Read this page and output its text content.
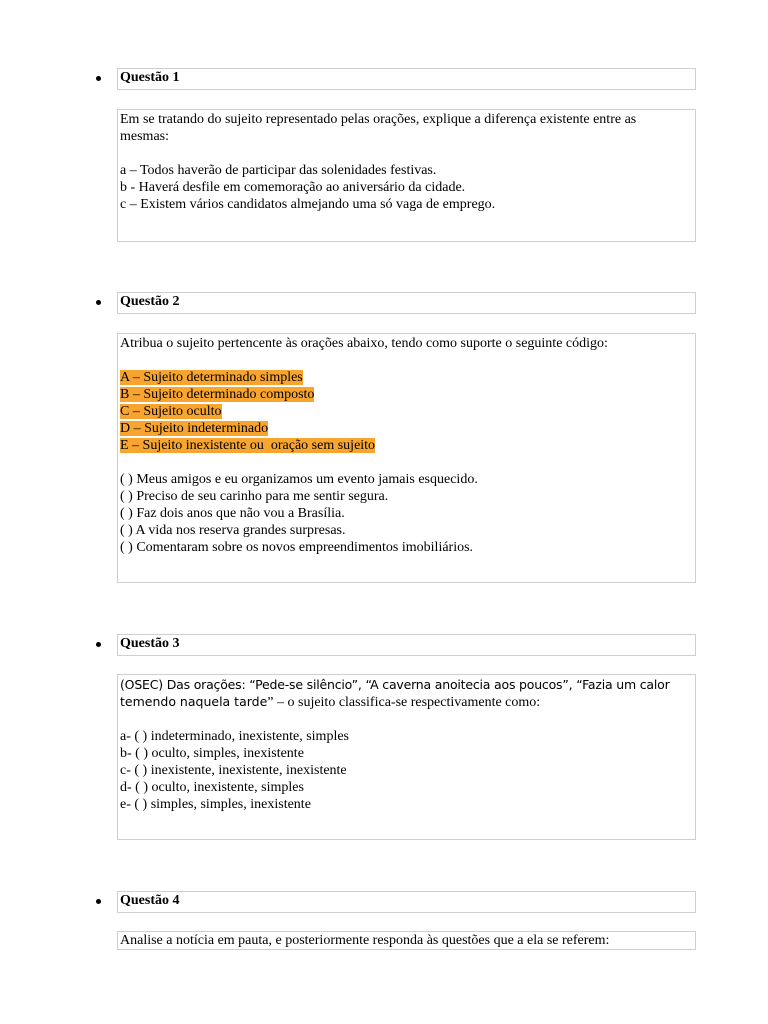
Questão 1
Em se tratando do sujeito representado pelas orações, explique a diferença existente entre as
mesmas:
a – Todos haverão de participar das solenidades festivas.
b - Haverá desfile em comemoração ao aniversário da cidade.
c – Existem vários candidatos almejando uma só vaga de emprego.
Questão 2
Atribua o sujeito pertencente às orações abaixo, tendo como suporte o seguinte código:
A – Sujeito determinado simples
B – Sujeito determinado composto
C – Sujeito oculto
D – Sujeito indeterminado
E – Sujeito inexistente ou  oração sem sujeito
( ) Meus amigos e eu organizamos um evento jamais esquecido.
( ) Preciso de seu carinho para me sentir segura.
( ) Faz dois anos que não vou a Brasília.
( ) A vida nos reserva grandes surpresas.
( ) Comentaram sobre os novos empreendimentos imobiliários.
Questão 3
(OSEC) Das orações: “Pede-se silêncio”, “A caverna anoitecia aos poucos”, “Fazia um calor
temendo naquela tarde” – o sujeito classifica-se respectivamente como:
a- ( ) indeterminado, inexistente, simples
b- ( ) oculto, simples, inexistente
c- ( ) inexistente, inexistente, inexistente
d- ( ) oculto, inexistente, simples
e- ( ) simples, simples, inexistente
Questão 4
Analise a notícia em pauta, e posteriormente responda às questões que a ela se referem:
